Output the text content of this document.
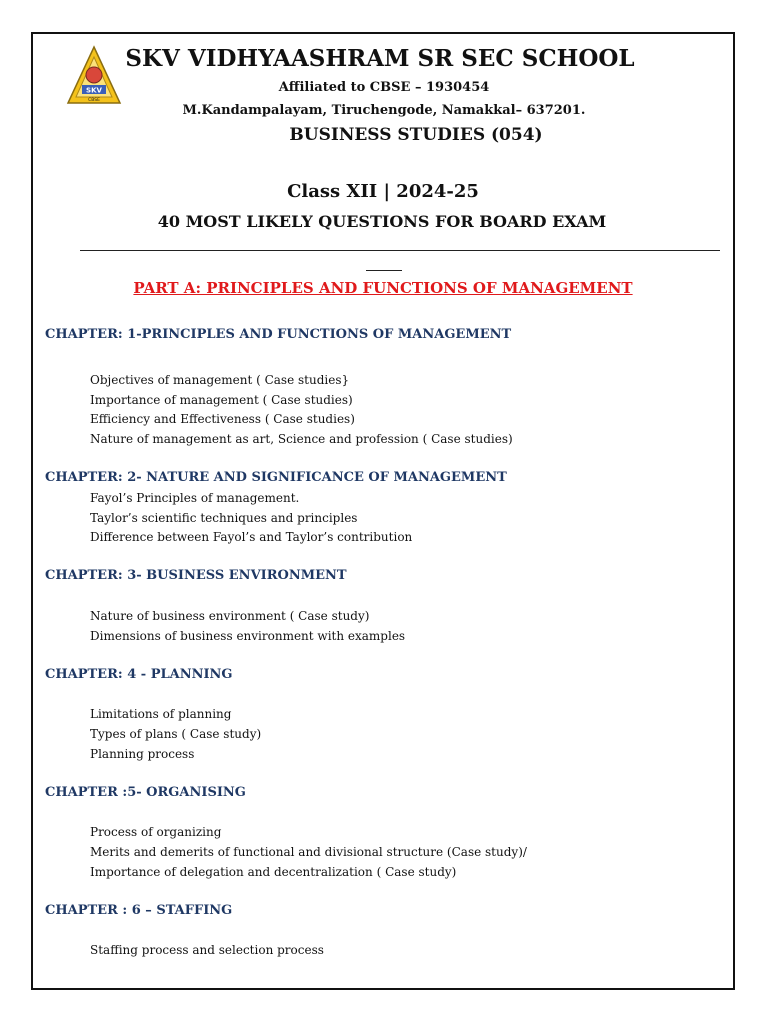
SKV
CBSE
SKV VIDHYAASHRAM SR SEC SCHOOL
Affiliated to CBSE – 1930454
M.Kandampalayam, Tiruchengode, Namakkal– 637201.
BUSINESS STUDIES (054)
Class XII | 2024-25
40 MOST LIKELY QUESTIONS FOR BOARD EXAM
PART A: PRINCIPLES AND FUNCTIONS OF MANAGEMENT
CHAPTER: 1-PRINCIPLES AND FUNCTIONS OF MANAGEMENT
Objectives of management ( Case studies}
Importance of management ( Case studies)
Efficiency and Effectiveness ( Case studies)
Nature of management as art, Science and profession ( Case studies)
CHAPTER: 2- NATURE AND SIGNIFICANCE OF MANAGEMENT
Fayol’s Principles of management.
Taylor’s scientific techniques and principles
Difference between Fayol’s and Taylor’s contribution
CHAPTER: 3- BUSINESS ENVIRONMENT
Nature of business environment ( Case study)
Dimensions of business environment with examples
CHAPTER: 4 - PLANNING
Limitations of planning
Types of plans ( Case study)
Planning process
CHAPTER :5- ORGANISING
Process of organizing
Merits and demerits of functional and divisional structure (Case study)/
Importance of delegation and decentralization ( Case study)
CHAPTER : 6 – STAFFING
Staffing process and selection process
